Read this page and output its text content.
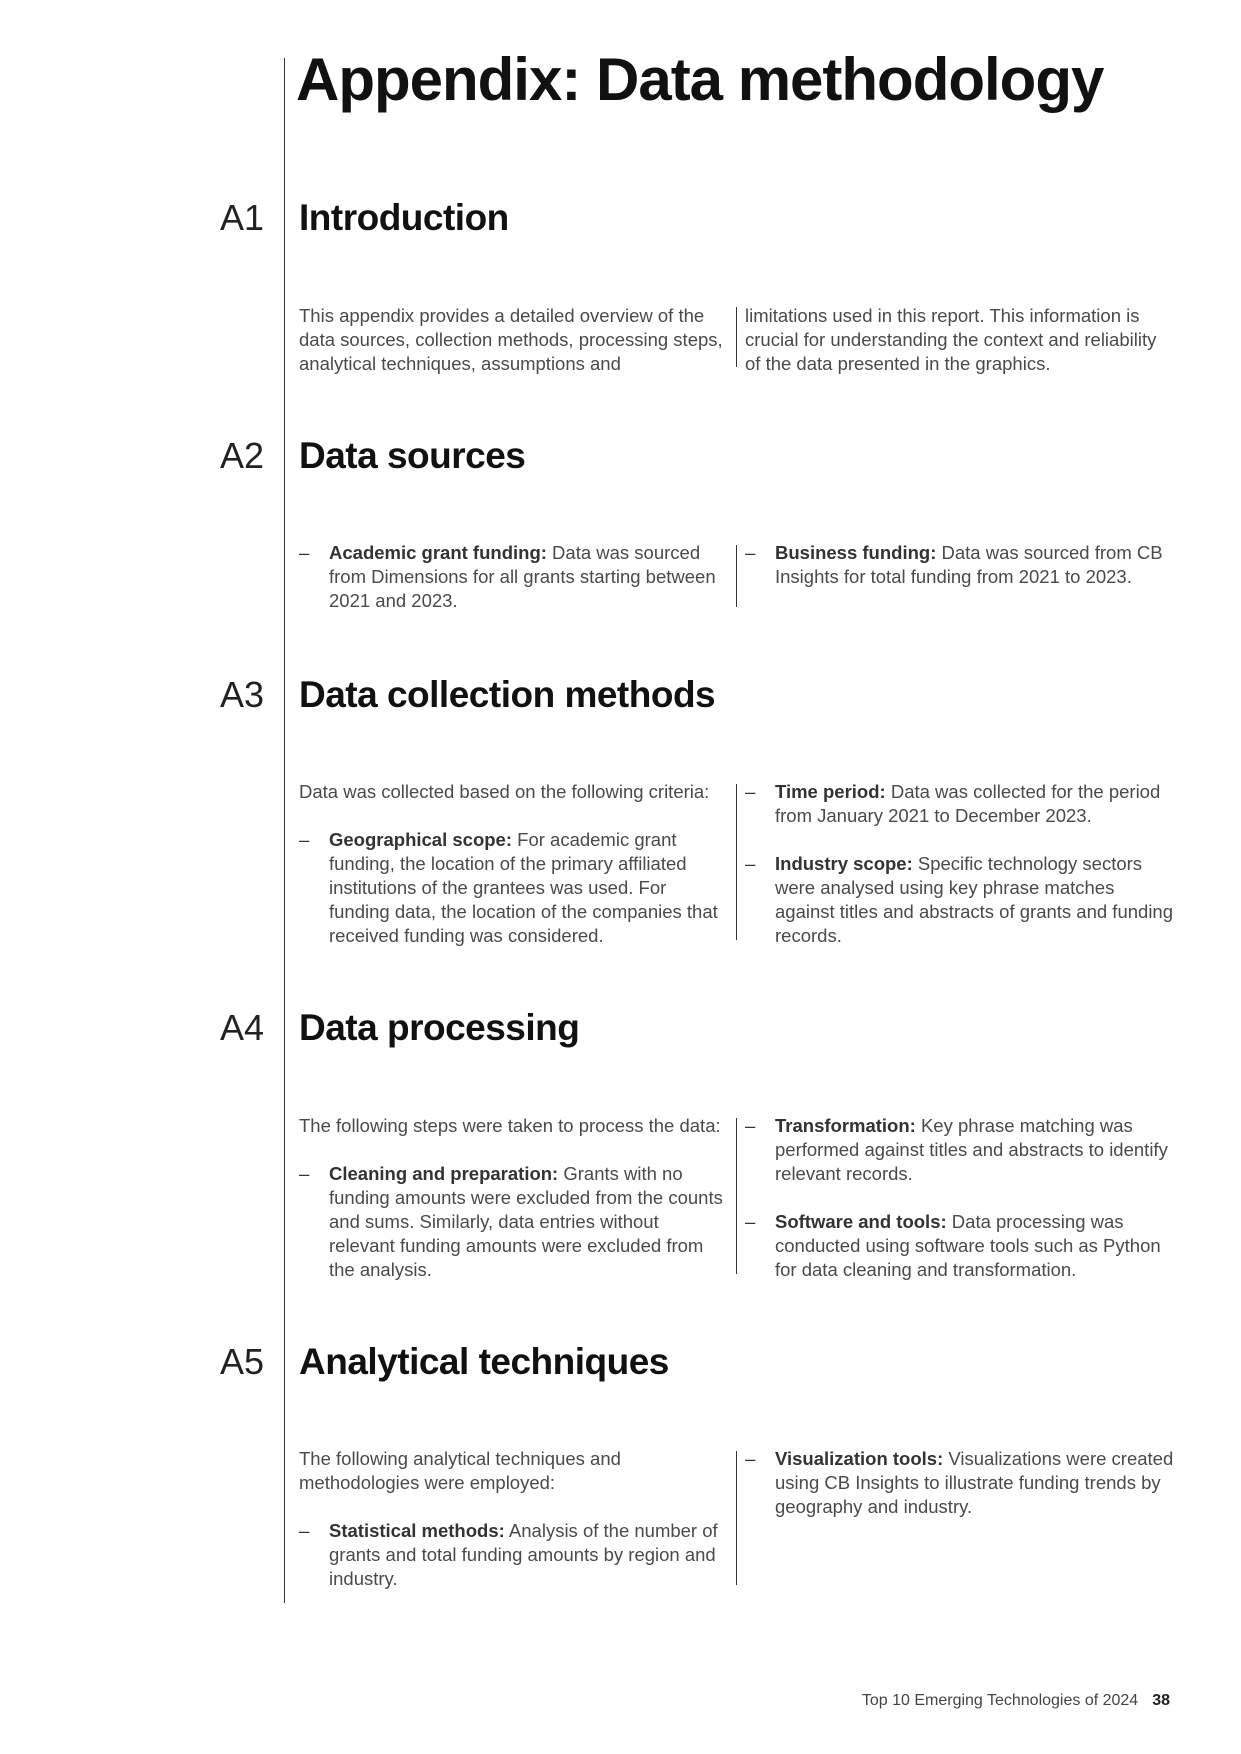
Appendix: Data methodology
A1 Introduction

This appendix provides a detailed overview of the data sources, collection methods, processing steps, analytical techniques, assumptions and

limitations used in this report. This information is crucial for understanding the context and reliability of the data presented in the graphics.

A2 Data sources
– Academic grant funding: Data was sourced from Dimensions for all grants starting between 2021 and 2023.
– Business funding: Data was sourced from CB Insights for total funding from 2021 to 2023.
A3 Data collection methods

Data was collected based on the following criteria:

– Geographical scope: For academic grant funding, the location of the primary affiliated institutions of the grantees was used. For funding data, the location of the companies that received funding was considered.
– Time period: Data was collected for the period from January 2021 to December 2023.
– Industry scope: Specific technology sectors were analysed using key phrase matches against titles and abstracts of grants and funding records.
A4 Data processing

The following steps were taken to process the data:

– Cleaning and preparation: Grants with no funding amounts were excluded from the counts and sums. Similarly, data entries without relevant funding amounts were excluded from the analysis.
– Transformation: Key phrase matching was performed against titles and abstracts to identify relevant records.
– Software and tools: Data processing was conducted using software tools such as Python for data cleaning and transformation.
A5 Analytical techniques

The following analytical techniques and methodologies were employed:

– Statistical methods: Analysis of the number of grants and total funding amounts by region and industry.
– Visualization tools: Visualizations were created using CB Insights to illustrate funding trends by geography and industry.
Top 10 Emerging Technologies of 2024 38
